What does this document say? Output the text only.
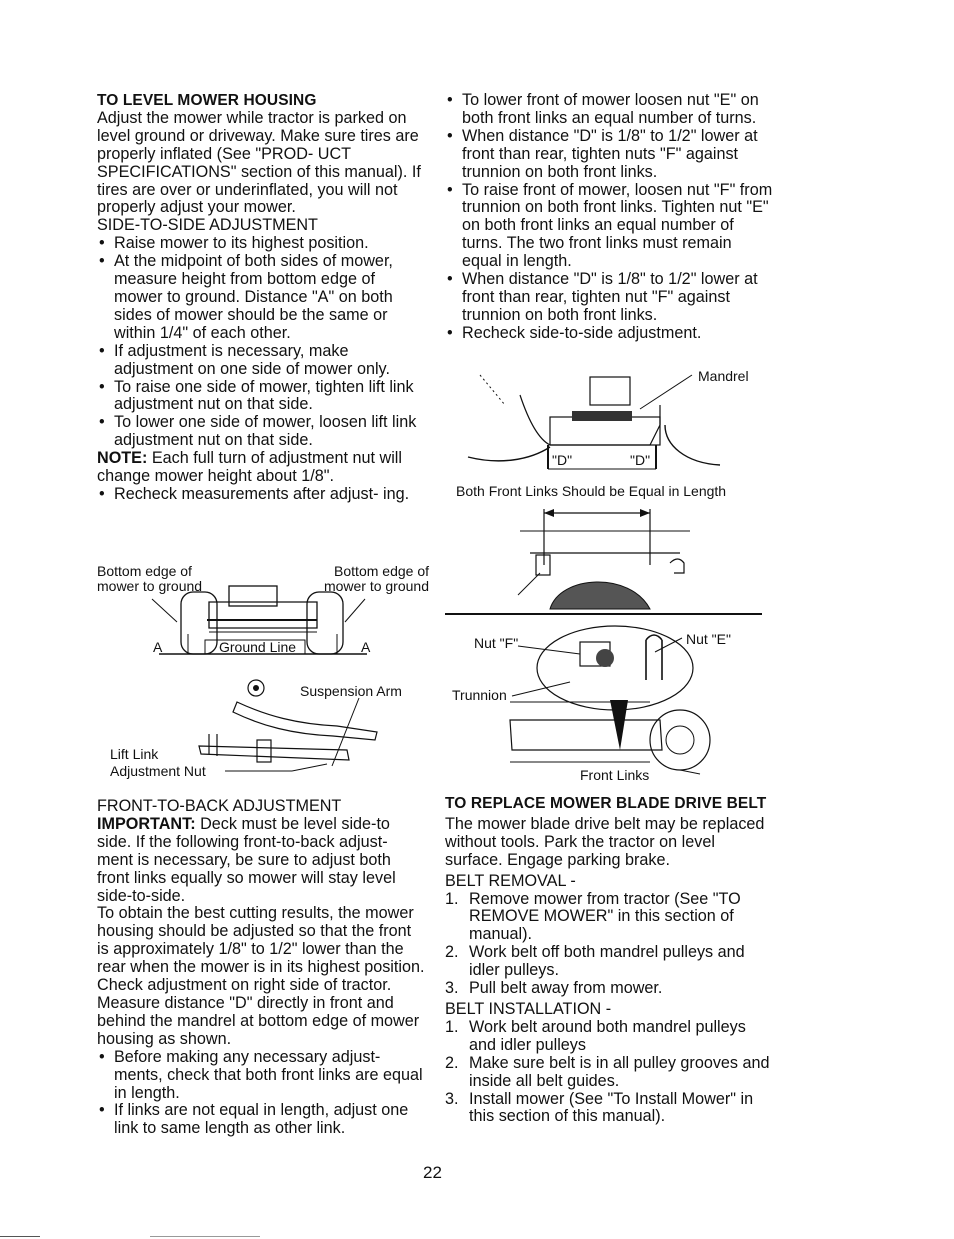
TO LEVEL MOWER HOUSING

Adjust the mower while tractor is parked on level ground or driveway. Make sure tires are properly inflated (See "PROD- UCT SPECIFICATIONS" section of this manual). If tires are over or underinflated, you will not properly adjust your mower.

SIDE-TO-SIDE ADJUSTMENT
• Raise mower to its highest position.
• At the midpoint of both sides of mower, measure height from bottom edge of mower to ground. Distance "A" on both sides of mower should be the same or within 1/4" of each other.
• If adjustment is necessary, make adjustment on one side of mower only.
• To raise one side of mower, tighten lift link adjustment nut on that side.
• To lower one side of mower, loosen lift link adjustment nut on that side.

NOTE: Each full turn of adjustment nut will change mower height about 1/8".

• Recheck measurements after adjust- ing.
Bottom edge of mower to ground
Bottom edge of mower to ground
A	A
Ground Line
Suspension Arm
Lift Link
Adjustment Nut
FRONT-TO-BACK ADJUSTMENT

IMPORTANT: Deck must be level side-to side. If the following front-to-back adjust- ment is necessary, be sure to adjust both front links equally so mower will stay level side-to-side.

To obtain the best cutting results, the mower housing should be adjusted so that the front is approximately 1/8" to 1/2" lower than the rear when the mower is in its highest position.

Check adjustment on right side of tractor. Measure distance "D" directly in front and behind the mandrel at bottom edge of mower housing as shown.

• Before making any necessary adjust- ments, check that both front links are equal in length.
• If links are not equal in length, adjust one link to same length as other link.
• To lower front of mower loosen nut "E" on both front links an equal number of turns.
• When distance "D" is 1/8" to 1/2" lower at front than rear, tighten nuts "F" against trunnion on both front links.
• To raise front of mower, loosen nut "F" from trunnion on both front links. Tighten nut "E" on both front links an equal number of turns. The two front links must remain equal in length.
• When distance "D" is 1/8" to 1/2" lower at front than rear, tighten nut "F" against trunnion on both front links.
• Recheck side-to-side adjustment.
Mandrel
"D"	"D"
Both Front Links Should be Equal in Length
Nut "F"	Nut "E"
Trunnion
Front Links
TO REPLACE MOWER BLADE DRIVE BELT

The mower blade drive belt may be replaced without tools. Park the tractor on level surface. Engage parking brake.

BELT REMOVAL -
1. Remove mower from tractor (See "TO REMOVE MOWER" in this section of manual).
2. Work belt off both mandrel pulleys and idler pulleys.
3. Pull belt away from mower.
BELT INSTALLATION -
1. Work belt around both mandrel pulleys and idler pulleys
2. Make sure belt is in all pulley grooves and inside all belt guides.
3. Install mower (See "To Install Mower" in this section of this manual).
22
